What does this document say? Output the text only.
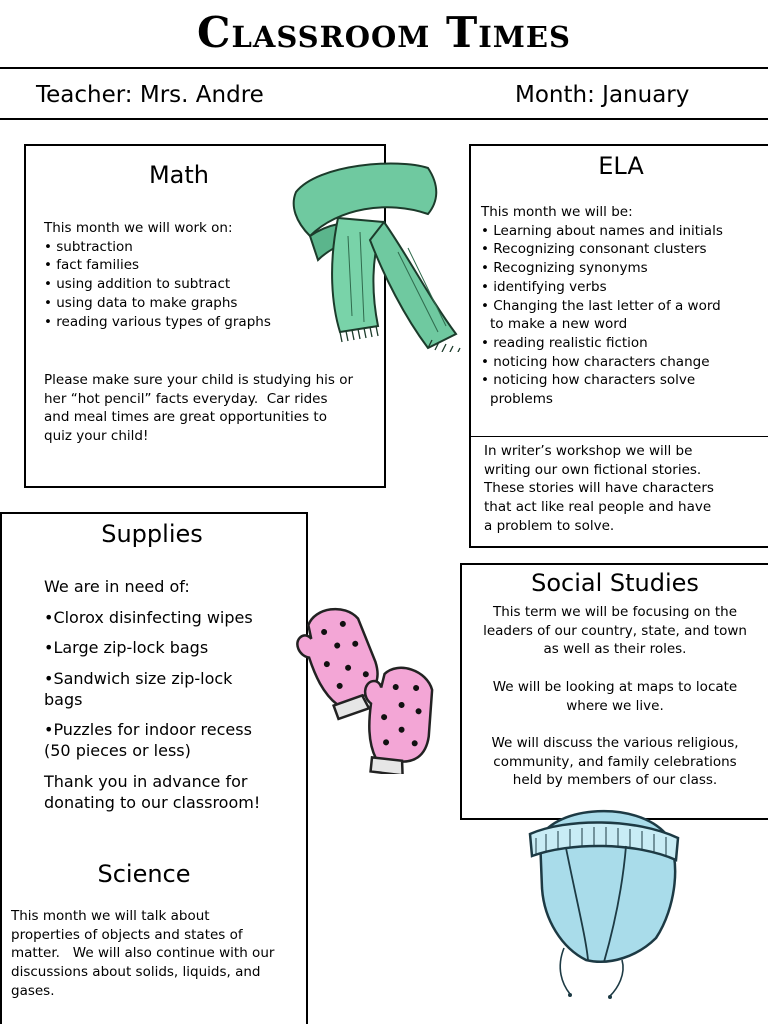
Classroom Times
Teacher: Mrs. Andre	Month: January
Math
This month we will work on:
• subtraction
• fact families
• using addition to subtract
• using data to make graphs
• reading various types of graphs
Please make sure your child is studying his or
her “hot pencil” facts everyday.  Car rides
and meal times are great opportunities to
quiz your child!
ELA
This month we will be:
• Learning about names and initials
• Recognizing consonant clusters
• Recognizing synonyms
• identifying verbs
• Changing the last letter of a word
to make a new word
• reading realistic fiction
• noticing how characters change
• noticing how characters solve
problems
In writer’s workshop we will be
writing our own fictional stories.
These stories will have characters
that act like real people and have
a problem to solve.
Supplies

We are in need of:

•Clorox disinfecting wipes

•Large zip-lock bags

•Sandwich size zip-lock
bags

•Puzzles for indoor recess
(50 pieces or less)

Thank you in advance for
donating to our classroom!

Science
This month we will talk about
properties of objects and states of
matter.   We will also continue with our
discussions about solids, liquids, and
gases.
Social Studies
This term we will be focusing on the
leaders of our country, state, and town
as well as their roles.
We will be looking at maps to locate
where we live.
We will discuss the various religious,
community, and family celebrations
held by members of our class.
